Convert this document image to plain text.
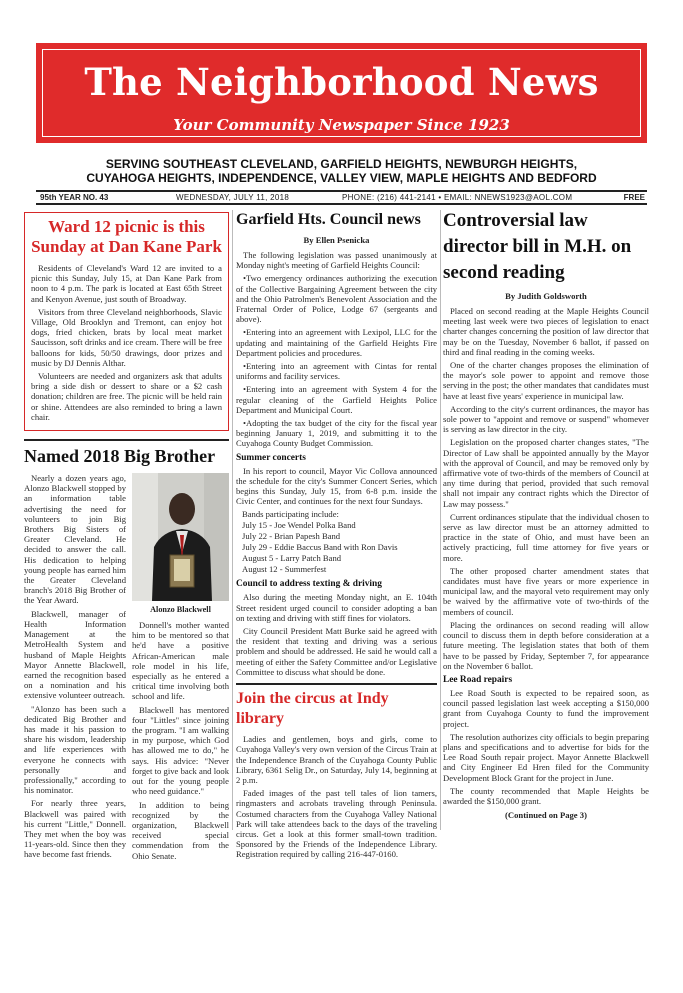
The Neighborhood News
Your Community Newspaper Since 1923
SERVING SOUTHEAST CLEVELAND, GARFIELD HEIGHTS, NEWBURGH HEIGHTS,
CUYAHOGA HEIGHTS, INDEPENDENCE, VALLEY VIEW, MAPLE HEIGHTS AND BEDFORD
95th YEAR NO. 43	WEDNESDAY, JULY 11, 2018	PHONE: (216) 441-2141 • EMAIL: NNEWS1923@AOL.COM	FREE
Ward 12 picnic is this Sunday at Dan Kane Park

Residents of Cleveland's Ward 12 are invited to a picnic this Sunday, July 15, at Dan Kane Park from noon to 4 p.m. The park is located at East 65th Street and Kenyon Avenue, just south of Broadway.

Visitors from three Cleveland neighborhoods, Slavic Village, Old Brooklyn and Tremont, can enjoy hot dogs, fried chicken, brats by local meat market Saucisson, soft drinks and ice cream. There will be free balloons for kids, 50/50 drawings, door prizes and music by DJ Dennis Althar.

Volunteers are needed and organizers ask that adults bring a side dish or dessert to share or a $2 cash donation; children are free. The picnic will be held rain or shine. Attendees are also reminded to bring a lawn chair.

Named 2018 Big Brother

Nearly a dozen years ago, Alonzo Blackwell stopped by an information table advertising the need for volunteers to join Big Brothers Big Sisters of Greater Cleveland. He decided to answer the call. His dedication to helping young people has earned him the Greater Cleveland branch's 2018 Big Brother of the Year Award.

Blackwell, manager of Health Information Management at the MetroHealth System and husband of Maple Heights Mayor Annette Blackwell, earned the recognition based on a nomination and his extensive volunteer outreach.

"Alonzo has been such a dedicated Big Brother and has made it his passion to share his wisdom, leadership and life experiences with everyone he connects with personally and professionally," according to his nominator.

For nearly three years, Blackwell was paired with his current "Little," Donnell. They met when the boy was 11-years-old. Since then they have become fast friends.

Alonzo Blackwell

Donnell's mother wanted him to be mentored so that he'd have a positive African-American male role model in his life, especially as he entered a critical time involving both school and life.

Blackwell has mentored four "Littles" since joining the program. "I am walking in my purpose, which God has allowed me to do," he says. His advice: "Never forget to give back and look out for the young people who need guidance."

In addition to being recognized by the organization, Blackwell received special commendation from the Ohio Senate.

Garfield Hts. Council news
By Ellen Psenicka

The following legislation was passed unanimously at Monday night's meeting of Garfield Heights Council:

•Two emergency ordinances authorizing the execution of the Collective Bargaining Agreement between the city and the Ohio Patrolmen's Benevolent Association and the Fraternal Order of Police, Lodge 67 (sergeants and above).

•Entering into an agreement with Lexipol, LLC for the updating and maintaining of the Garfield Heights Fire Department policies and procedures.

•Entering into an agreement with Cintas for rental uniforms and facility services.

•Entering into an agreement with System 4 for the regular cleaning of the Garfield Heights Police Department and Municipal Court.

•Adopting the tax budget of the city for the fiscal year beginning January 1, 2019, and submitting it to the Cuyahoga County Budget Commission.

Summer concerts

In his report to council, Mayor Vic Collova announced the schedule for the city's Summer Concert Series, which begins this Sunday, July 15, from 6-8 p.m. inside the Civic Center, and continues for the next four Sundays.

Bands participating include:
July 15 - Joe Wendel Polka Band
July 22 - Brian Papesh Band
July 29 - Eddie Baccus Band with Ron Davis
August 5 - Larry Patch Band
August 12 - Summerfest
Council to address texting & driving

Also during the meeting Monday night, an E. 104th Street resident urged council to consider adopting a ban on texting and driving with stiff fines for violators.

City Council President Matt Burke said he agreed with the resident that texting and driving was a serious problem and should be addressed. He said he would call a meeting of either the Safety Committee and/or Legislative Committee to discuss what should be done.

Join the circus at Indy library

Ladies and gentlemen, boys and girls, come to Cuyahoga Valley's very own version of the Circus Train at the Independence Branch of the Cuyahoga County Public Library, 6361 Selig Dr., on Saturday, July 14, beginning at 2 p.m.

Faded images of the past tell tales of lion tamers, ringmasters and acrobats traveling through Peninsula. Costumed characters from the Cuyahoga Valley National Park will take attendees back to the days of the traveling circus. Get a look at this former small-town tradition. Sponsored by the Friends of the Independence Library. Registration required by calling 216-447-0160.

Controversial law director bill in M.H. on second reading
By Judith Goldsworth

Placed on second reading at the Maple Heights Council meeting last week were two pieces of legislation to enact charter changes concerning the position of law director that may be on the Tuesday, November 6 ballot, if passed on third and final reading in the coming weeks.

One of the charter changes proposes the elimination of the mayor's sole power to appoint and remove those serving in the post; the other mandates that candidates must have at least five years' experience in municipal law.

According to the city's current ordinances, the mayor has sole power to "appoint and remove or suspend" whomever is serving as law director in the city.

Legislation on the proposed charter changes states, "The Director of Law shall be appointed annually by the Mayor with the approval of Council, and may be removed only by affirmative vote of two-thirds of the members of Council at any time during that period, provided that such removal shall not impair any contract rights which the Director of Law may possess."

Current ordinances stipulate that the individual chosen to serve as law director must be an attorney admitted to practice in the state of Ohio, and must have been an actively practicing, full time attorney for five years or more.

The other proposed charter amendment states that candidates must have five years or more experience in municipal law, and the mayoral veto requirement may only be waived by the affirmative vote of two-thirds of the members of council.

Placing the ordinances on second reading will allow council to discuss them in depth before consideration at a future meeting. The legislation states that both of them have to be passed by Friday, September 7, for appearance on the November 6 ballot.

Lee Road repairs

Lee Road South is expected to be repaired soon, as council passed legislation last week accepting a $150,000 grant from Cuyahoga County to fund the improvement project.

The resolution authorizes city officials to begin preparing plans and specifications and to advertise for bids for the Lee Road South repair project. Mayor Annette Blackwell and City Engineer Ed Hren filed for the Community Development Block Grant for the project in June.

The county recommended that Maple Heights be awarded the $150,000 grant.

(Continued on Page 3)
